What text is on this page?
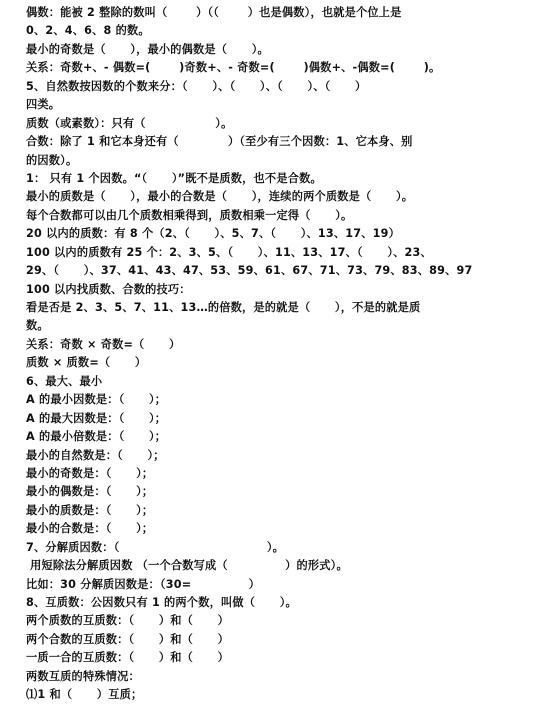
偶数：能被 2 整除的数叫（       ）（（       ）也是偶数），也就是个位上是
0、2、4、6、8 的数。
最小的奇数是（      ），最小的偶数是（      ）。
关系：奇数+、- 偶数=(       )奇数+、- 奇数=(       )偶数+、-偶数=(       )。
5、自然数按因数的个数来分：（      ）、（      ）、（      ）、（      ）
四类。
质数（或素数）：只有（                 ）。
合数：除了 1 和它本身还有（            ）（至少有三个因数：1、它本身、别
的因数）。
1： 只有 1 个因数。“（      ）”既不是质数，也不是合数。
最小的质数是（      ），最小的合数是（      ），连续的两个质数是（      ）。
每个合数都可以由几个质数相乘得到，质数相乘一定得（      ）。
20 以内的质数：有 8 个（2、（      ）、5、7、（      ）、13、17、19）
100 以内的质数有 25 个：2、3、5、（      ）、11、13、17、（      ）、23、
29、（      ）、37、41、43、47、53、59、61、67、71、73、79、83、89、97
100 以内找质数、合数的技巧：
看是否是 2、3、5、7、11、13…的倍数，是的就是（      ），不是的就是质
数。
关系：奇数 × 奇数=（      ）
质数 × 质数=（      ）
6、最大、最小
A 的最小因数是：（      ）；
A 的最大因数是：（      ）；
A 的最小倍数是：（      ）；
最小的自然数是：（      ）；
最小的奇数是：（      ）；
最小的偶数是：（      ）；
最小的质数是：（      ）；
最小的合数是：（      ）；
7、分解质因数：（                                    ）。
用短除法分解质因数 （一个合数写成（              ）的形式）。
比如：30 分解质因数是：（30=              ）
8、互质数：公因数只有 1 的两个数，叫做（      ）。
两个质数的互质数：（      ）和（      ）
两个合数的互质数：（      ）和（      ）
一质一合的互质数：（      ）和（      ）
两数互质的特殊情况：
⑴1 和（      ）互质；
